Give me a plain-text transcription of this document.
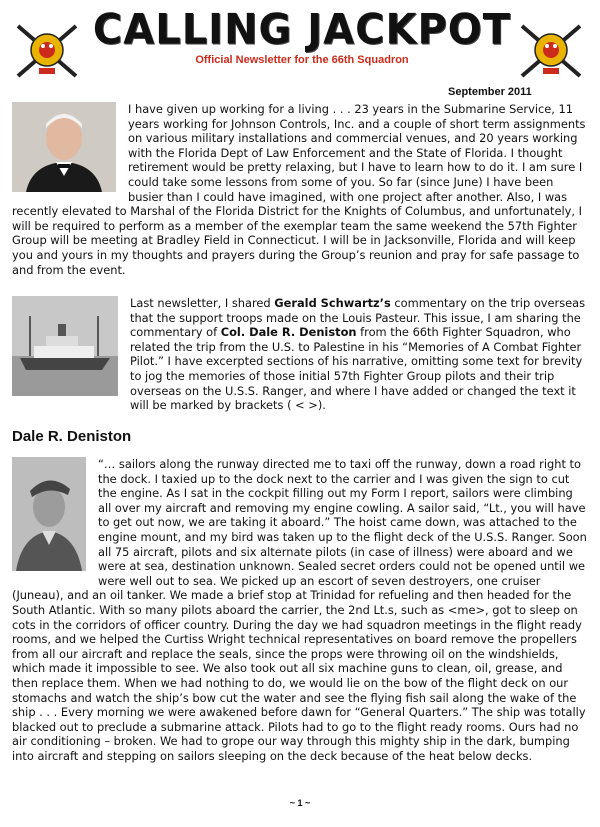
CALLING JACKPOT
Official Newsletter for the 66th Squadron
September 2011

I have given up working for a living . . . 23 years in the Submarine Service, 11 years working for Johnson Controls, Inc. and a couple of short term assignments on various military installations and commercial venues, and 20 years working with the Florida Dept of Law Enforcement and the State of Florida. I thought retirement would be pretty relaxing, but I have to learn how to do it. I am sure I could take some lessons from some of you. So far (since June) I have been busier than I could have imagined, with one project after another. Also, I was recently elevated to Marshal of the Florida District for the Knights of Columbus, and unfortunately, I will be required to perform as a member of the exemplar team the same weekend the 57th Fighter Group will be meeting at Bradley Field in Connecticut. I will be in Jacksonville, Florida and will keep you and yours in my thoughts and prayers during the Group’s reunion and pray for safe passage to and from the event.

Last newsletter, I shared Gerald Schwartz’s commentary on the trip overseas that the support troops made on the Louis Pasteur. This issue, I am sharing the commentary of Col. Dale R. Deniston from the 66th Fighter Squadron, who related the trip from the U.S. to Palestine in his “Memories of A Combat Fighter Pilot.” I have excerpted sections of his narrative, omitting some text for brevity to jog the memories of those initial 57th Fighter Group pilots and their trip overseas on the U.S.S. Ranger, and where I have added or changed the text it will be marked by brackets ( < >).

Dale R. Deniston

“… sailors along the runway directed me to taxi off the runway, down a road right to the dock. I taxied up to the dock next to the carrier and I was given the sign to cut the engine. As I sat in the cockpit filling out my Form I report, sailors were climbing all over my aircraft and removing my engine cowling. A sailor said, “Lt., you will have to get out now, we are taking it aboard.” The hoist came down, was attached to the engine mount, and my bird was taken up to the flight deck of the U.S.S. Ranger. Soon all 75 aircraft, pilots and six alternate pilots (in case of illness) were aboard and we were at sea, destination unknown. Sealed secret orders could not be opened until we were well out to sea. We picked up an escort of seven destroyers, one cruiser (Juneau), and an oil tanker. We made a brief stop at Trinidad for refueling and then headed for the South Atlantic. With so many pilots aboard the carrier, the 2nd Lt.s, such as <me>, got to sleep on cots in the corridors of officer country. During the day we had squadron meetings in the flight ready rooms, and we helped the Curtiss Wright technical representatives on board remove the propellers from all our aircraft and replace the seals, since the props were throwing oil on the windshields, which made it impossible to see. We also took out all six machine guns to clean, oil, grease, and then replace them. When we had nothing to do, we would lie on the bow of the flight deck on our stomachs and watch the ship’s bow cut the water and see the flying fish sail along the wake of the ship . . . Every morning we were awakened before dawn for “General Quarters.” The ship was totally blacked out to preclude a submarine attack. Pilots had to go to the flight ready rooms. Ours had no air conditioning – broken. We had to grope our way through this mighty ship in the dark, bumping into aircraft and stepping on sailors sleeping on the deck because of the heat below decks.

~ 1 ~
